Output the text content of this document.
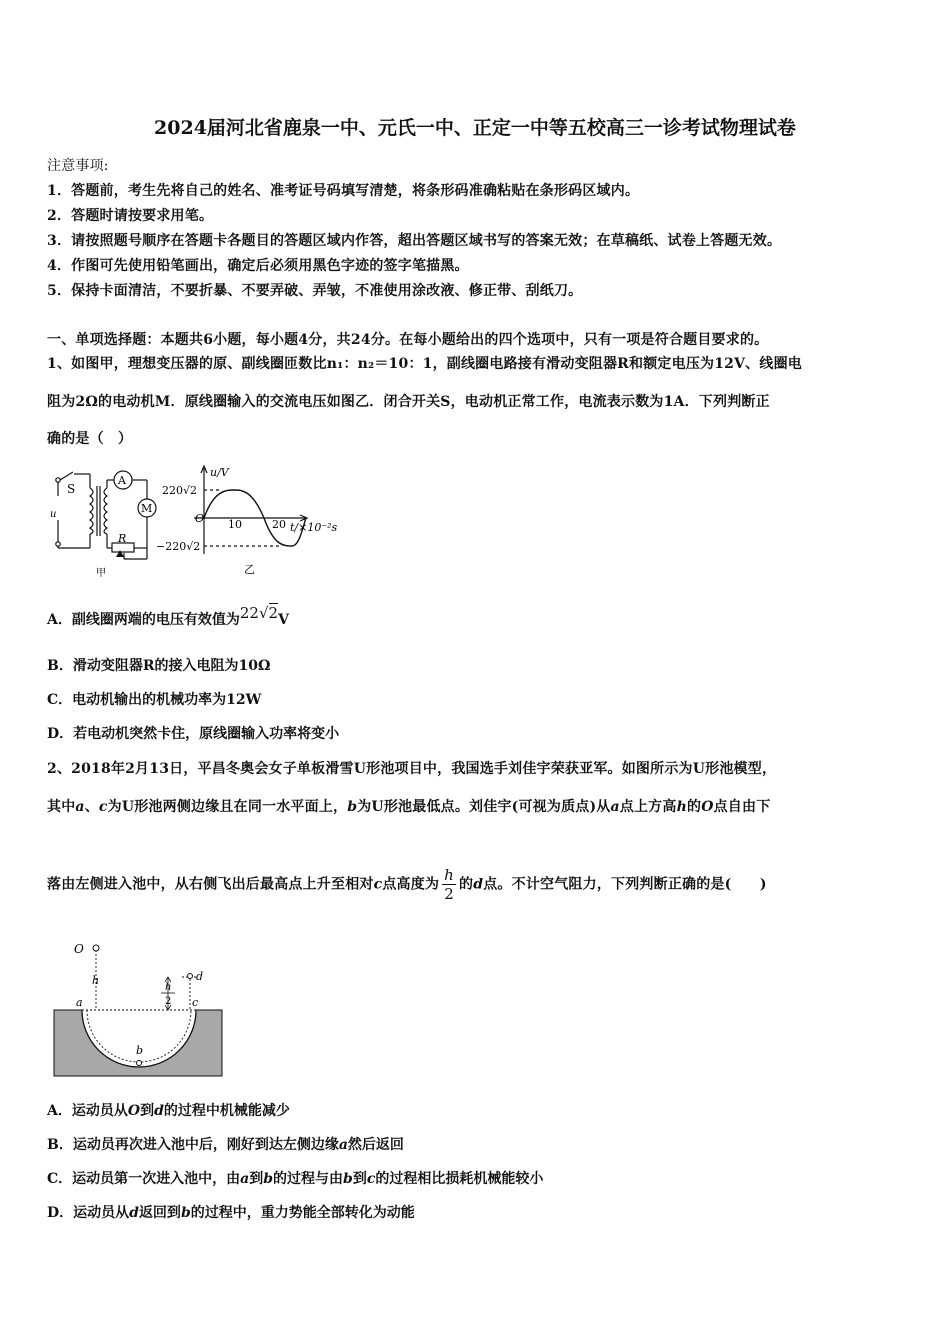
2024届河北省鹿泉一中、元氏一中、正定一中等五校高三一诊考试物理试卷
注意事项:
1．答题前，考生先将自己的姓名、准考证号码填写清楚，将条形码准确粘贴在条形码区域内。
2．答题时请按要求用笔。
3．请按照题号顺序在答题卡各题目的答题区域内作答，超出答题区域书写的答案无效；在草稿纸、试卷上答题无效。
4．作图可先使用铅笔画出，确定后必须用黑色字迹的签字笔描黑。
5．保持卡面清洁，不要折暴、不要弄破、弄皱，不准使用涂改液、修正带、刮纸刀。
一、单项选择题：本题共6小题，每小题4分，共24分。在每小题给出的四个选项中，只有一项是符合题目要求的。
1、如图甲，理想变压器的原、副线圈匝数比n₁：n₂＝10：1，副线圈电路接有滑动变阻器R和额定电压为12V、线圈电
阻为2Ω的电动机M．原线圈输入的交流电压如图乙．闭合开关S，电动机正常工作，电流表示数为1A．下列判断正
确的是（　）
S
A
M
R
u
甲	乙
u/V
t/×10⁻²s
220√2
−220√2
O 10	20
A．副线圈两端的电压有效值为22√2V
B．滑动变阻器R的接入电阻为10Ω
C．电动机输出的机械功率为12W
D．若电动机突然卡住，原线圈输入功率将变小
2、2018年2月13日，平昌冬奥会女子单板滑雪U形池项目中，我国选手刘佳宇荣获亚军。如图所示为U形池模型，
其中a、c为U形池两侧边缘且在同一水平面上，b为U形池最低点。刘佳宇(可视为质点)从a点上方高h的O点自由下
落由左侧进入池中，从右侧飞出后最高点上升至相对c点高度为 $\frac{h}{2}$ 的d点。不计空气阻力，下列判断正确的是(　　)
O
h
a
b
c
d
h
2
A．运动员从O到d的过程中机械能减少
B．运动员再次进入池中后，刚好到达左侧边缘a然后返回
C．运动员第一次进入池中，由a到b的过程与由b到c的过程相比损耗机械能较小
D．运动员从d返回到b的过程中，重力势能全部转化为动能
